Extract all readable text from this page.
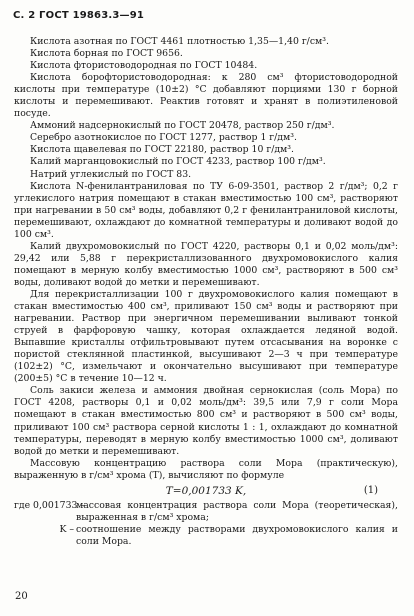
С. 2 ГОСТ 19863.3—91

Кислота азотная по ГОСТ 4461 плотностью 1,35—1,40 г/см³.

Кислота борная по ГОСТ 9656.

Кислота фтористоводородная по ГОСТ 10484.

Кислота борофтористоводородная: к 280 см³ фтористоводородной кислоты при температуре (10±2) °С добавляют порциями 130 г борной кислоты и перемешивают. Реактив готовят и хранят в полиэтиленовой посуде.

Аммоний надсернокислый по ГОСТ 20478, раствор 250 г/дм³.

Серебро азотнокислое по ГОСТ 1277, раствор 1 г/дм³.

Кислота щавелевая по ГОСТ 22180, раствор 10 г/дм³.

Калий марганцовокислый по ГОСТ 4233, раствор 100 г/дм³.

Натрий углекислый по ГОСТ 83.

Кислота N-фенилантраниловая по ТУ 6-09-3501, раствор 2 г/дм³; 0,2 г углекислого натрия помещают в стакан вместимостью 100 см³, растворяют при нагревании в 50 см³ воды, добавляют 0,2 г фенилантраниловой кислоты, перемешивают, охлаждают до комнатной температуры и доливают водой до 100 см³.

Калий двухромовокислый по ГОСТ 4220, растворы 0,1 и 0,02 моль/дм³: 29,42 или 5,88 г перекристаллизованного двухромовокислого калия помещают в мерную колбу вместимостью 1000 см³, растворяют в 500 см³ воды, доливают водой до метки и перемешивают.

Для перекристаллизации 100 г двухромовокислого калия помещают в стакан вместимостью 400 см³, приливают 150 см³ воды и растворяют при нагревании. Раствор при энергичном перемешивании выливают тонкой струей в фарфоровую чашку, которая охлаждается ледяной водой. Выпавшие кристаллы отфильтровывают путем отсасывания на воронке с пористой стеклянной пластинкой, высушивают 2—3 ч при температуре (102±2) °С, измельчают и окончательно высушивают при температуре (200±5) °С в течение 10—12 ч.

Соль закиси железа и аммония двойная сернокислая (соль Мора) по ГОСТ 4208, растворы 0,1 и 0,02 моль/дм³: 39,5 или 7,9 г соли Мора помещают в стакан вместимостью 800 см³ и растворяют в 500 см³ воды, приливают 100 см³ раствора серной кислоты 1 : 1, охлаждают до комнатной температуры, переводят в мерную колбу вместимостью 1000 см³, доливают водой до метки и перемешивают.

Массовую концентрацию раствора соли Мора (практическую), выраженную в г/см³ хрома (T), вычисляют по формуле

T=0,001733 K,	(1)
где 0,001733 –
массовая концентрация раствора соли Мора (теоретическая), выраженная в г/см³ хрома;
K – соотношение между растворами двухромовокислого калия и соли Мора.
20
